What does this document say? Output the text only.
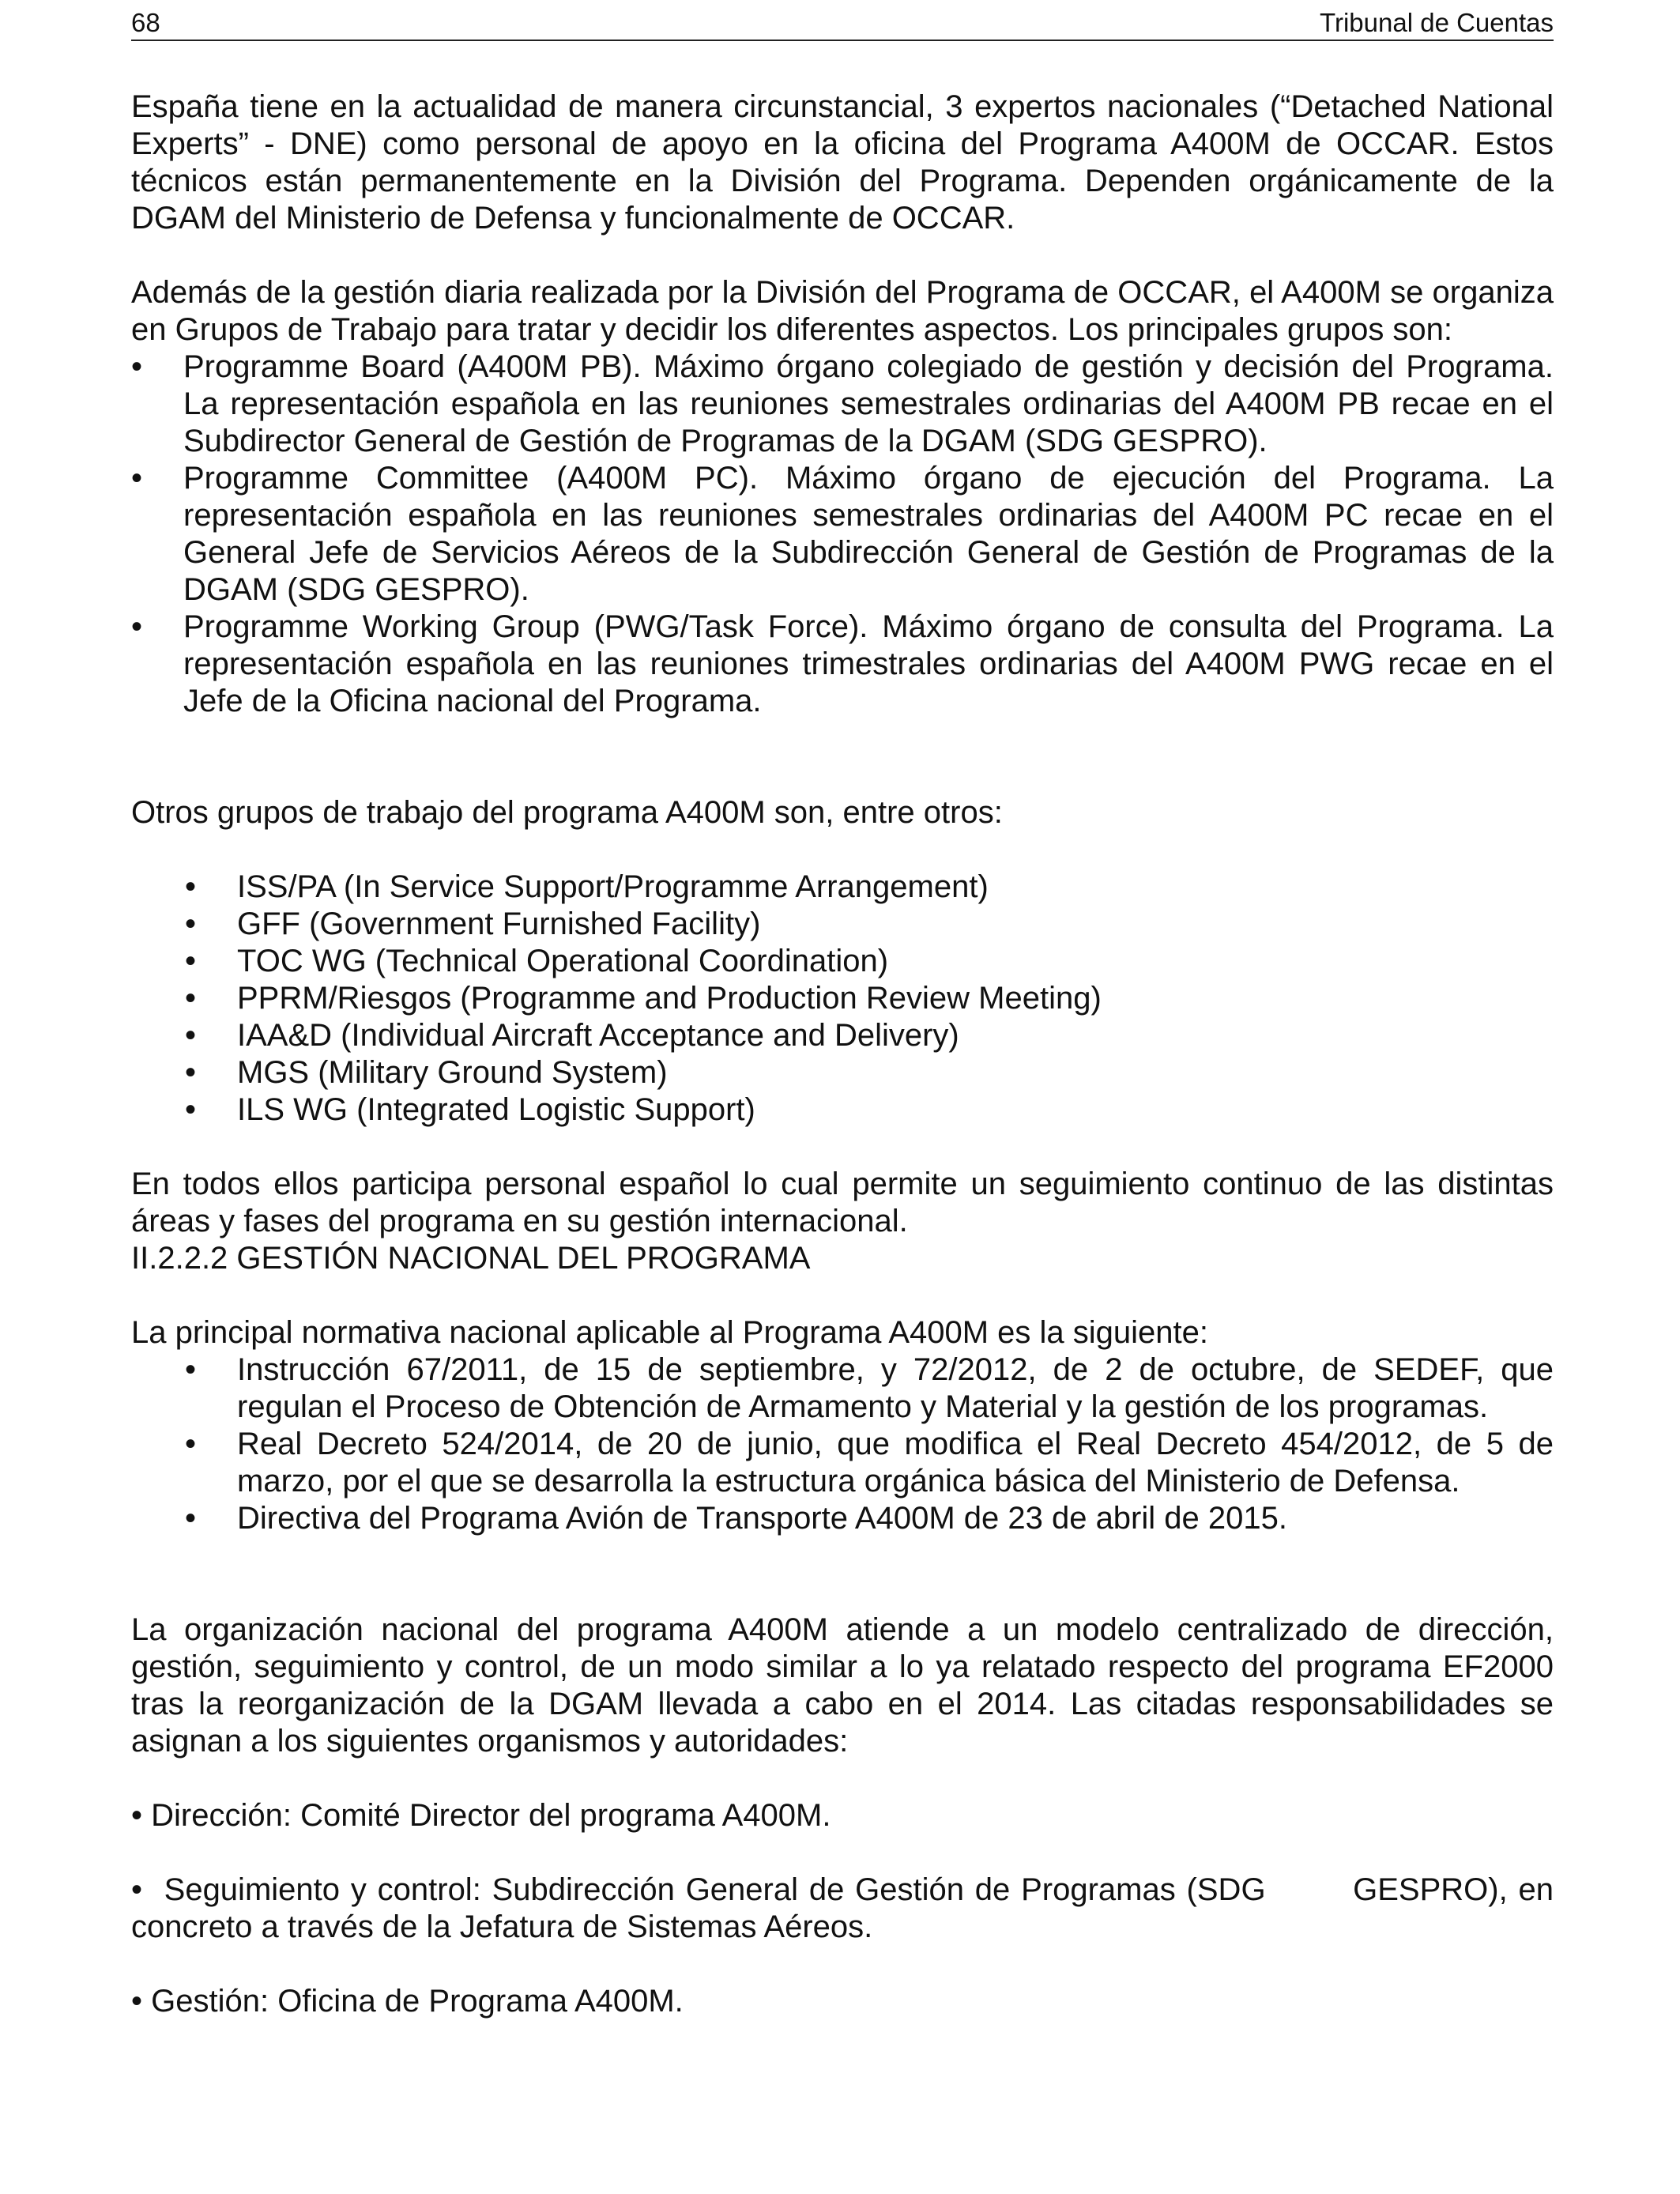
68	Tribunal de Cuentas

España tiene en la actualidad de manera circunstancial, 3 expertos nacionales (“Detached National Experts” - DNE) como personal de apoyo en la oficina del Programa A400M de OCCAR. Estos técnicos están permanentemente en la División del Programa. Dependen orgánicamente de la DGAM del Ministerio de Defensa y funcionalmente de OCCAR.

Además de la gestión diaria realizada por la División del Programa de OCCAR, el A400M se organiza en Grupos de Trabajo para tratar y decidir los diferentes aspectos. Los principales grupos son:

• Programme Board (A400M PB). Máximo órgano colegiado de gestión y decisión del Programa. La representación española en las reuniones semestrales ordinarias del A400M PB recae en el Subdirector General de Gestión de Programas de la DGAM (SDG GESPRO).
• Programme Committee (A400M PC). Máximo órgano de ejecución del Programa. La representación española en las reuniones semestrales ordinarias del A400M PC recae en el General Jefe de Servicios Aéreos de la Subdirección General de Gestión de Programas de la DGAM (SDG GESPRO).
• Programme Working Group (PWG/Task Force). Máximo órgano de consulta del Programa. La representación española en las reuniones trimestrales ordinarias del A400M PWG recae en el Jefe de la Oficina nacional del Programa.

Otros grupos de trabajo del programa A400M son, entre otros:

• ISS/PA (In Service Support/Programme Arrangement)
• GFF (Government Furnished Facility)
• TOC WG (Technical Operational Coordination)
• PPRM/Riesgos (Programme and Production Review Meeting)
• IAA&D (Individual Aircraft Acceptance and Delivery)
• MGS (Military Ground System)
• ILS WG (Integrated Logistic Support)

En todos ellos participa personal español lo cual permite un seguimiento continuo de las distintas áreas y fases del programa en su gestión internacional.

II.2.2.2 GESTIÓN NACIONAL DEL PROGRAMA

La principal normativa nacional aplicable al Programa A400M es la siguiente:

• Instrucción 67/2011, de 15 de septiembre, y 72/2012, de 2 de octubre, de SEDEF, que regulan el Proceso de Obtención de Armamento y Material y la gestión de los programas.
• Real Decreto 524/2014, de 20 de junio, que modifica el Real Decreto 454/2012, de 5 de marzo, por el que se desarrolla la estructura orgánica básica del Ministerio de Defensa.
• Directiva del Programa Avión de Transporte A400M de 23 de abril de 2015.

La organización nacional del programa A400M atiende a un modelo centralizado de dirección, gestión, seguimiento y control, de un modo similar a lo ya relatado respecto del programa EF2000 tras la reorganización de la DGAM llevada a cabo en el 2014. Las citadas responsabilidades se asignan a los siguientes organismos y autoridades:

• Dirección: Comité Director del programa A400M.

•  Seguimiento y control: Subdirección General de Gestión de Programas (SDG        GESPRO), en concreto a través de la Jefatura de Sistemas Aéreos.

• Gestión: Oficina de Programa A400M.
